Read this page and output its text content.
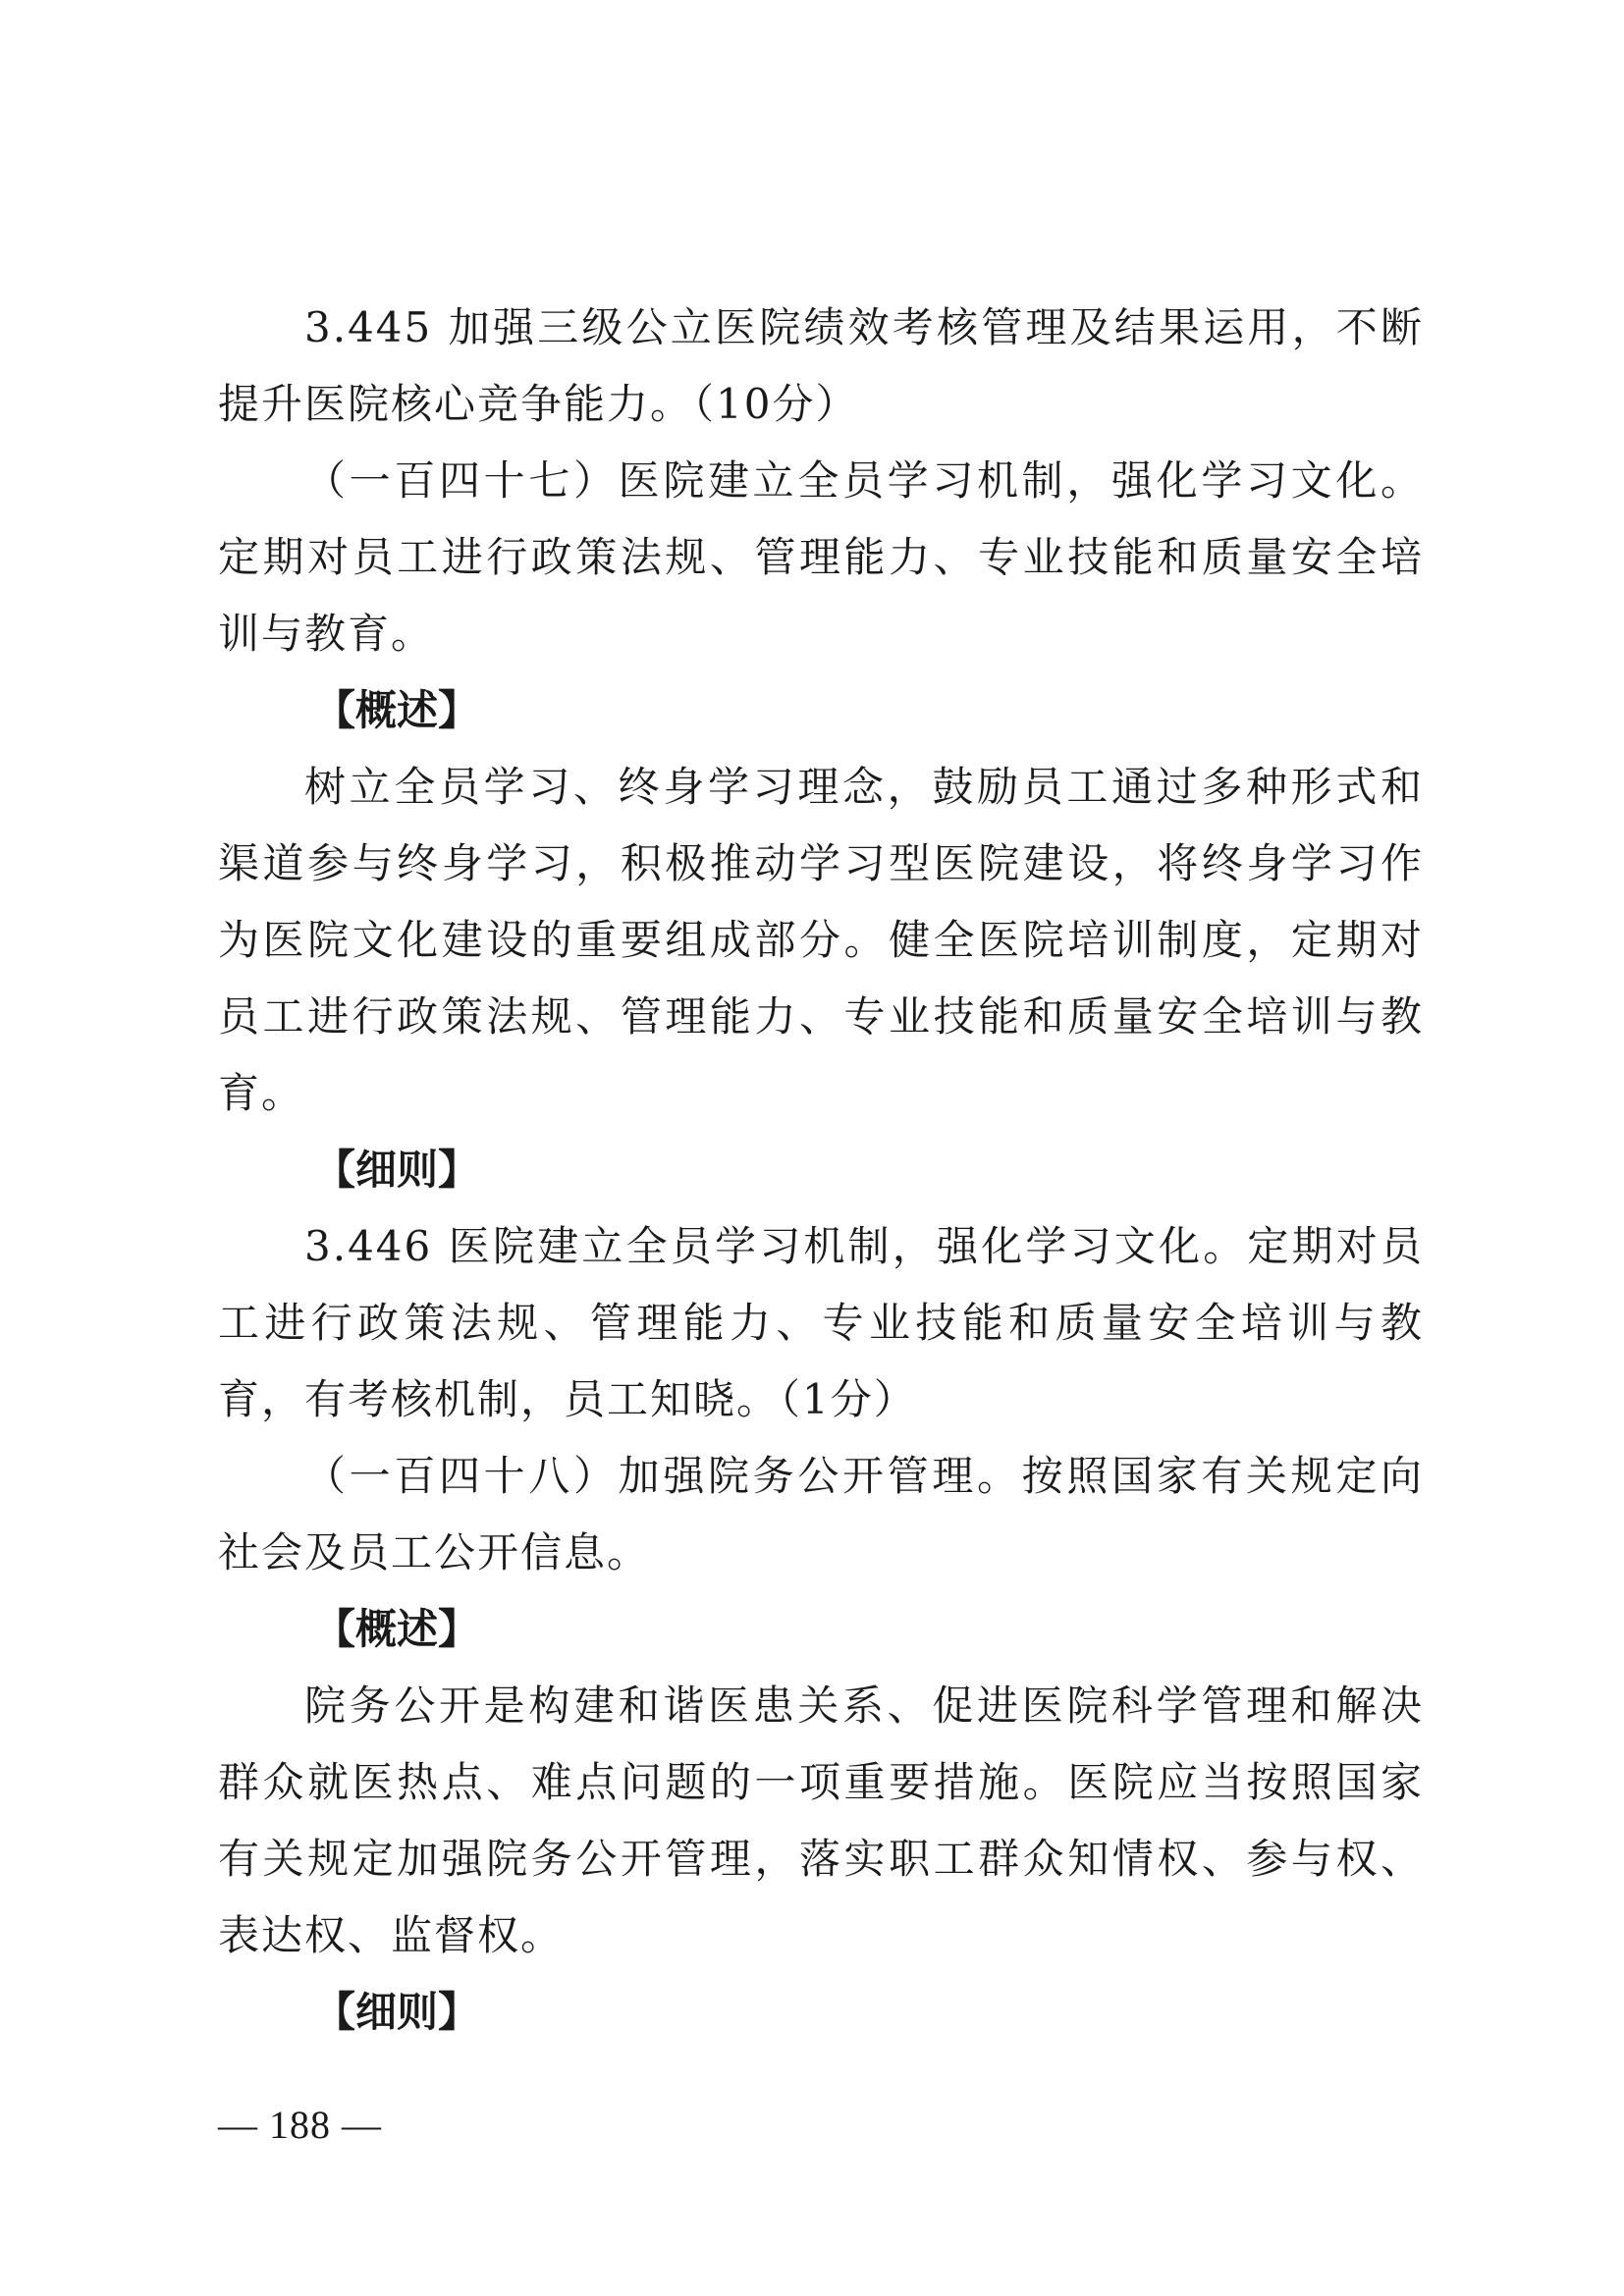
3.445 加强三级公立医院绩效考核管理及结果运用，不断提升医院核心竞争能力。（10分）

（一百四十七）医院建立全员学习机制，强化学习文化。定期对员工进行政策法规、管理能力、专业技能和质量安全培训与教育。

【概述】

树立全员学习、终身学习理念，鼓励员工通过多种形式和渠道参与终身学习，积极推动学习型医院建设，将终身学习作为医院文化建设的重要组成部分。健全医院培训制度，定期对员工进行政策法规、管理能力、专业技能和质量安全培训与教育。

【细则】

3.446 医院建立全员学习机制，强化学习文化。定期对员工进行政策法规、管理能力、专业技能和质量安全培训与教育，有考核机制，员工知晓。（1分）

（一百四十八）加强院务公开管理。按照国家有关规定向社会及员工公开信息。

【概述】

院务公开是构建和谐医患关系、促进医院科学管理和解决群众就医热点、难点问题的一项重要措施。医院应当按照国家有关规定加强院务公开管理，落实职工群众知情权、参与权、表达权、监督权。

【细则】

— 188 —
